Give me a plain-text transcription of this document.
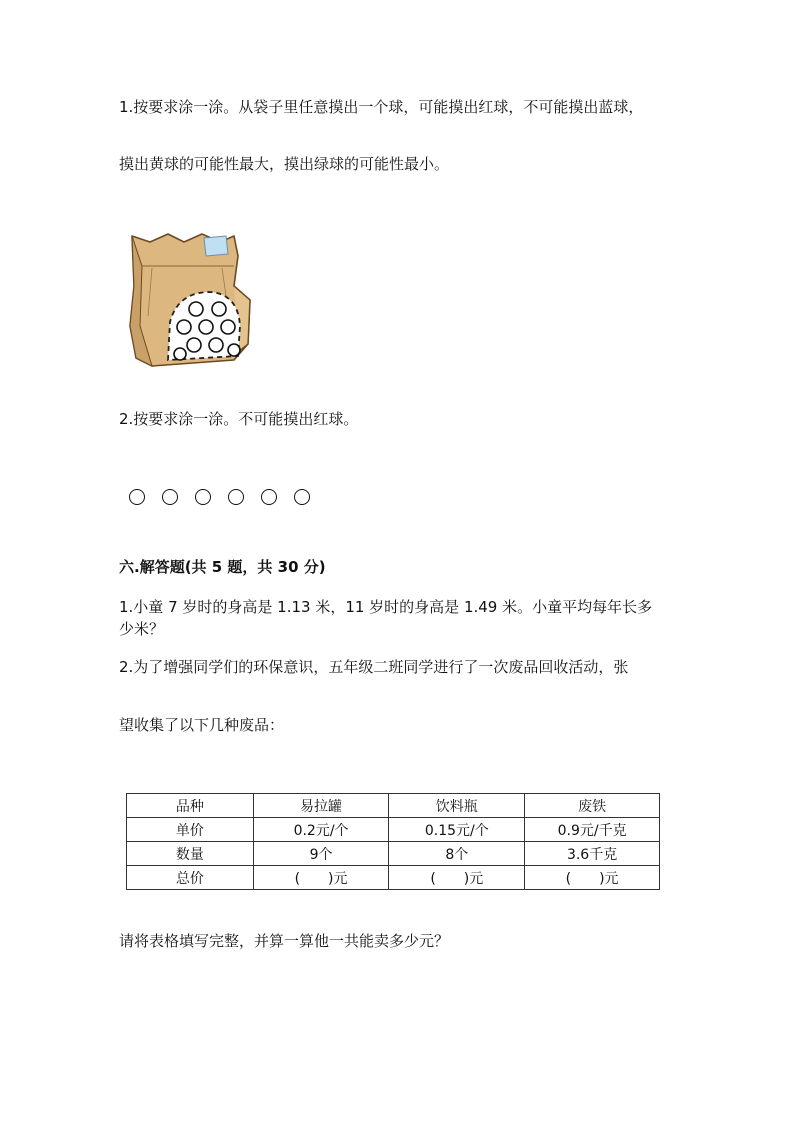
1.按要求涂一涂。从袋子里任意摸出一个球，可能摸出红球，不可能摸出蓝球，
摸出黄球的可能性最大，摸出绿球的可能性最小。
2.按要求涂一涂。不可能摸出红球。
六.解答题(共 5 题，共 30 分)
1.小童 7 岁时的身高是 1.13 米，11 岁时的身高是 1.49 米。小童平均每年长多
少米？
2.为了增强同学们的环保意识，五年级二班同学进行了一次废品回收活动，张
望收集了以下几种废品：
品种	易拉罐	饮料瓶	废铁
单价	0.2元/个	0.15元/个	0.9元/千克
数量	9个	8个	3.6千克
总价	(　　)元	(　　)元	(　　)元
请将表格填写完整，并算一算他一共能卖多少元？
